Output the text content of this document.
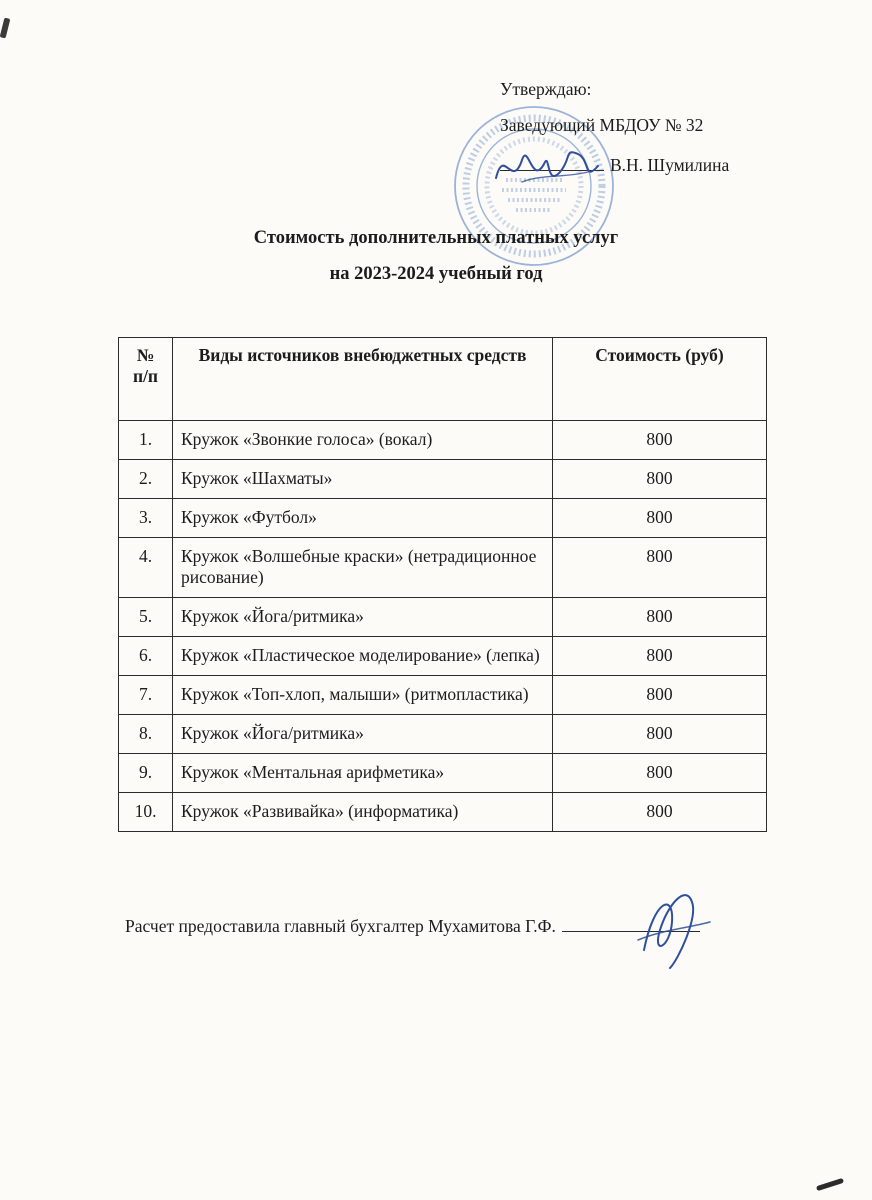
Утверждаю:
Заведующий МБДОУ № 32
В.Н. Шумилина
Стоимость дополнительных платных услуг
на 2023-2024 учебный год
№
п/п	Виды источников внебюджетных средств	Стоимость (руб)
1.	Кружок «Звонкие голоса» (вокал)	800
2.	Кружок «Шахматы»	800
3.	Кружок «Футбол»	800
4.	Кружок «Волшебные краски» (нетрадиционное рисование)	800
5.	Кружок «Йога/ритмика»	800
6.	Кружок «Пластическое моделирование» (лепка)	800
7.	Кружок «Топ-хлоп, малыши» (ритмопластика)	800
8.	Кружок «Йога/ритмика»	800
9.	Кружок «Ментальная арифметика»	800
10.	Кружок «Развивайка» (информатика)	800
Расчет предоставила главный бухгалтер Мухамитова Г.Ф.
